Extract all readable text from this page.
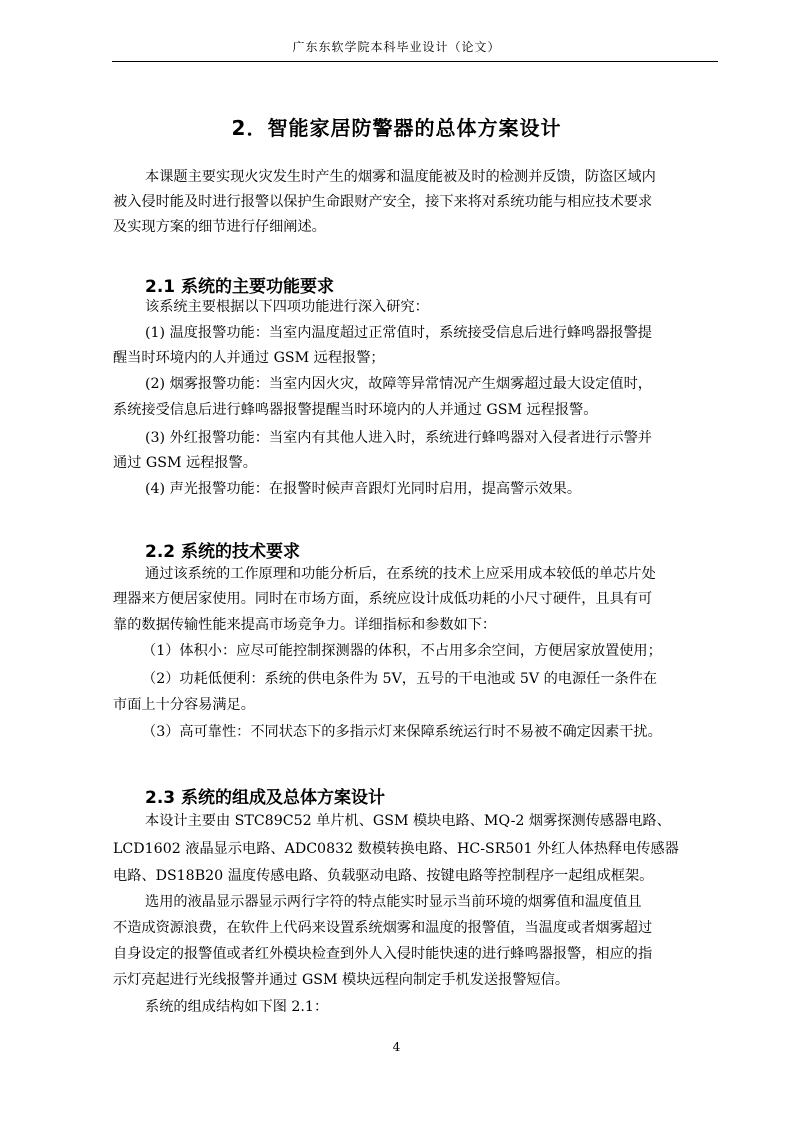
广东东软学院本科毕业设计（论文）
2．智能家居防警器的总体方案设计
本课题主要实现火灾发生时产生的烟雾和温度能被及时的检测并反馈，防盗区域内
被入侵时能及时进行报警以保护生命跟财产安全，接下来将对系统功能与相应技术要求
及实现方案的细节进行仔细阐述。
2.1 系统的主要功能要求
该系统主要根据以下四项功能进行深入研究：
(1) 温度报警功能：当室内温度超过正常值时，系统接受信息后进行蜂鸣器报警提
醒当时环境内的人并通过 GSM 远程报警；
(2) 烟雾报警功能：当室内因火灾，故障等异常情况产生烟雾超过最大设定值时，
系统接受信息后进行蜂鸣器报警提醒当时环境内的人并通过 GSM 远程报警。
(3) 外红报警功能：当室内有其他人进入时，系统进行蜂鸣器对入侵者进行示警并
通过 GSM 远程报警。
(4) 声光报警功能：在报警时候声音跟灯光同时启用，提高警示效果。
2.2 系统的技术要求
通过该系统的工作原理和功能分析后，在系统的技术上应采用成本较低的单芯片处
理器来方便居家使用。同时在市场方面，系统应设计成低功耗的小尺寸硬件，且具有可
靠的数据传输性能来提高市场竞争力。详细指标和参数如下：
（1）体积小：应尽可能控制探测器的体积，不占用多余空间，方便居家放置使用；
（2）功耗低便利：系统的供电条件为 5V，五号的干电池或 5V 的电源任一条件在
市面上十分容易满足。
（3）高可靠性：不同状态下的多指示灯来保障系统运行时不易被不确定因素干扰。
2.3 系统的组成及总体方案设计
本设计主要由 STC89C52 单片机、GSM 模块电路、MQ-2 烟雾探测传感器电路、
LCD1602 液晶显示电路、ADC0832 数模转换电路、HC-SR501 外红人体热释电传感器
电路、DS18B20 温度传感电路、负载驱动电路、按键电路等控制程序一起组成框架。
选用的液晶显示器显示两行字符的特点能实时显示当前环境的烟雾值和温度值且
不造成资源浪费，在软件上代码来设置系统烟雾和温度的报警值，当温度或者烟雾超过
自身设定的报警值或者红外模块检查到外人入侵时能快速的进行蜂鸣器报警，相应的指
示灯亮起进行光线报警并通过 GSM 模块远程向制定手机发送报警短信。
系统的组成结构如下图 2.1：
4
